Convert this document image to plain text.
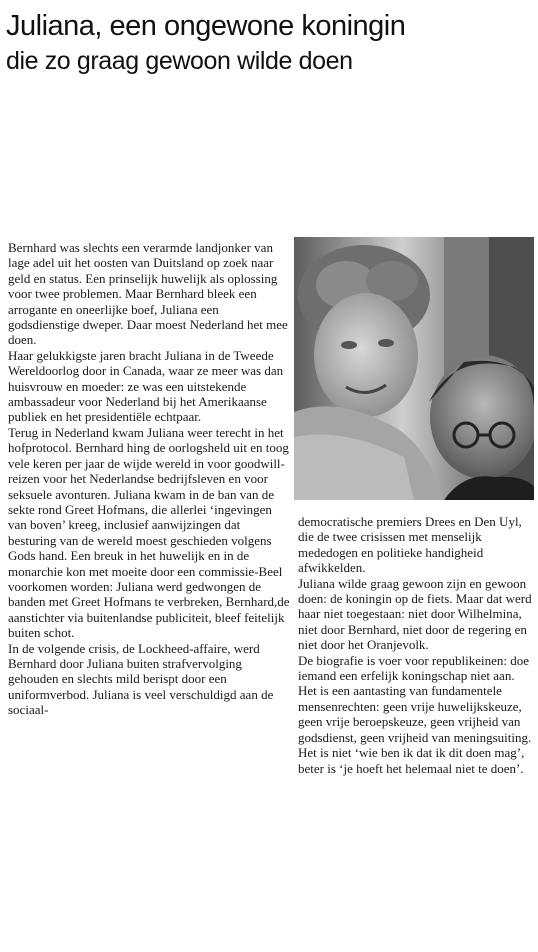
Juliana, een ongewone koningin
die zo graag gewoon wilde doen

Bernhard was slechts een verarmde landjonker van lage adel uit het oosten van Duitsland op zoek naar geld en status. Een prinselijk huwelijk als oplossing voor twee problemen. Maar Bernhard bleek een arrogante en oneerlijke boef, Juliana een godsdienstige dweper. Daar moest Nederland het mee doen.

Haar gelukkigste jaren bracht Juliana in de Tweede Wereldoorlog door in Canada, waar ze meer was dan huisvrouw en moeder: ze was een uitstekende ambassadeur voor Nederland bij het Amerikaanse publiek en het presidentiële echtpaar.

Terug in Nederland kwam Juliana weer terecht in het hofprotocol. Bernhard hing de oorlogsheld uit en toog vele keren per jaar de wijde wereld in voor goodwill-reizen voor het Nederlandse bedrijfsleven en voor seksuele avonturen. Juliana kwam in de ban van de sekte rond Greet Hofmans, die allerlei ‘ingevingen van boven’ kreeg, inclusief aanwijzingen dat besturing van de wereld moest geschieden volgens Gods hand. Een breuk in het huwelijk en in de monarchie kon met moeite door een commissie-Beel voorkomen worden: Juliana werd gedwongen de banden met Greet Hofmans te verbreken, Bernhard,de aanstichter via buitenlandse publiciteit, bleef feitelijk buiten schot.

In de volgende crisis, de Lockheed-affaire, werd Bernhard door Juliana buiten strafvervolging gehouden en slechts mild berispt door een uniformverbod. Juliana is veel verschuldigd aan de sociaal-

democratische premiers Drees en Den Uyl, die de twee crisissen met menselijk mededogen en politieke handigheid afwikkelden.

Juliana wilde graag gewoon zijn en gewoon doen: de koningin op de fiets. Maar dat werd haar niet toegestaan: niet door Wilhelmina, niet door Bernhard, niet door de regering en niet door het Oranjevolk.

De biografie is voer voor republikeinen: doe iemand een erfelijk koningschap niet aan. Het is een aantasting van fundamentele mensenrechten: geen vrije huwelijkskeuze, geen vrije beroepskeuze, geen vrijheid van godsdienst, geen vrijheid van meningsuiting. Het is niet ‘wie ben ik dat ik dit doen mag’, beter is ‘je hoeft het helemaal niet te doen’.
